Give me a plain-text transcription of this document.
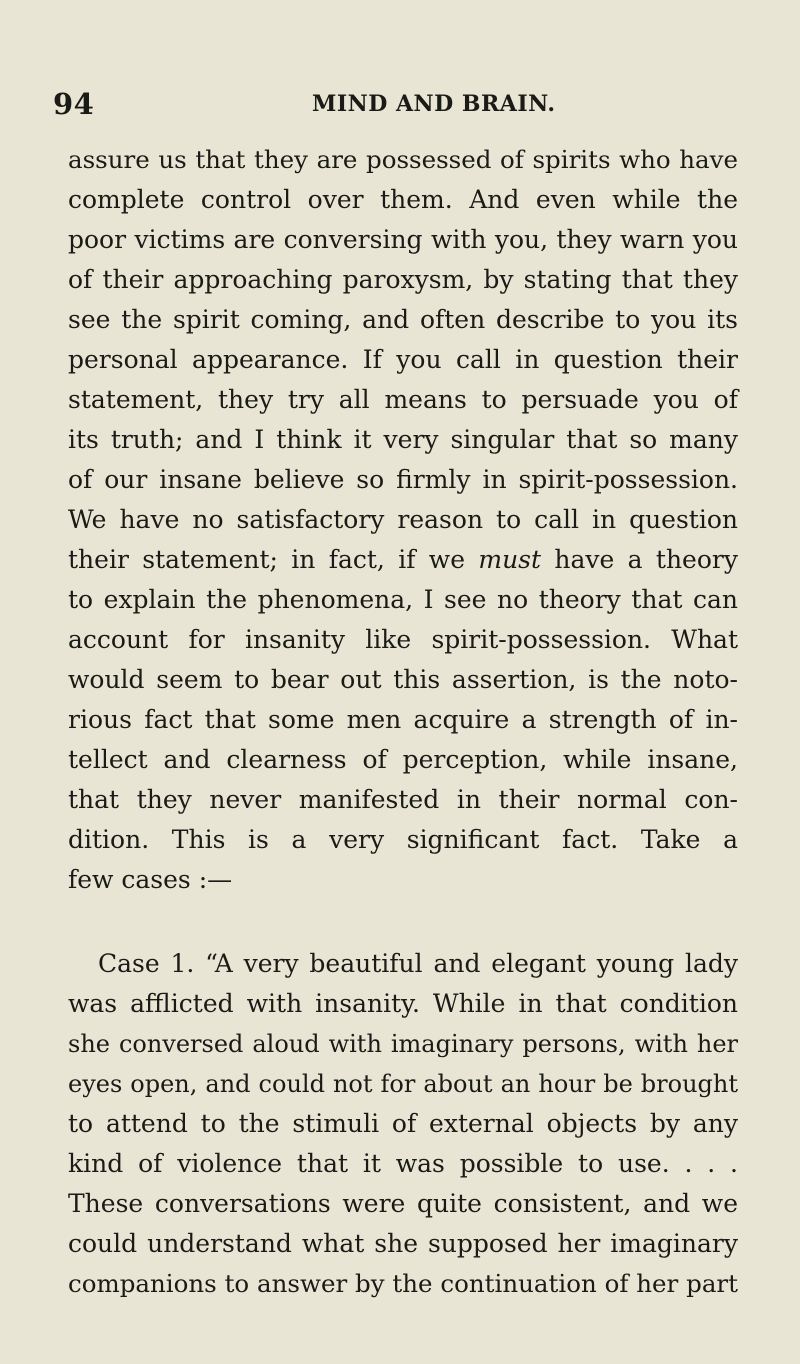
94	MIND AND BRAIN.
assure us that they are possessed of spirits who have
complete control over them. And even while the
poor victims are conversing with you, they warn you
of their approaching paroxysm, by stating that they
see the spirit coming, and often describe to you its
personal appearance. If you call in question their
statement, they try all means to persuade you of
its truth; and I think it very singular that so many
of our insane believe so firmly in spirit-possession.
We have no satisfactory reason to call in question
their statement; in fact, if we must have a theory
to explain the phenomena, I see no theory that can
account for insanity like spirit-possession. What
would seem to bear out this assertion, is the noto-
rious fact that some men acquire a strength of in-
tellect and clearness of perception, while insane,
that they never manifested in their normal con-
dition. This is a very significant fact. Take a
few cases :—
Case 1. “A very beautiful and elegant young lady
was afflicted with insanity. While in that condition
she conversed aloud with imaginary persons, with her
eyes open, and could not for about an hour be brought
to attend to the stimuli of external objects by any
kind of violence that it was possible to use. . . .
These conversations were quite consistent, and we
could understand what she supposed her imaginary
companions to answer by the continuation of her part
